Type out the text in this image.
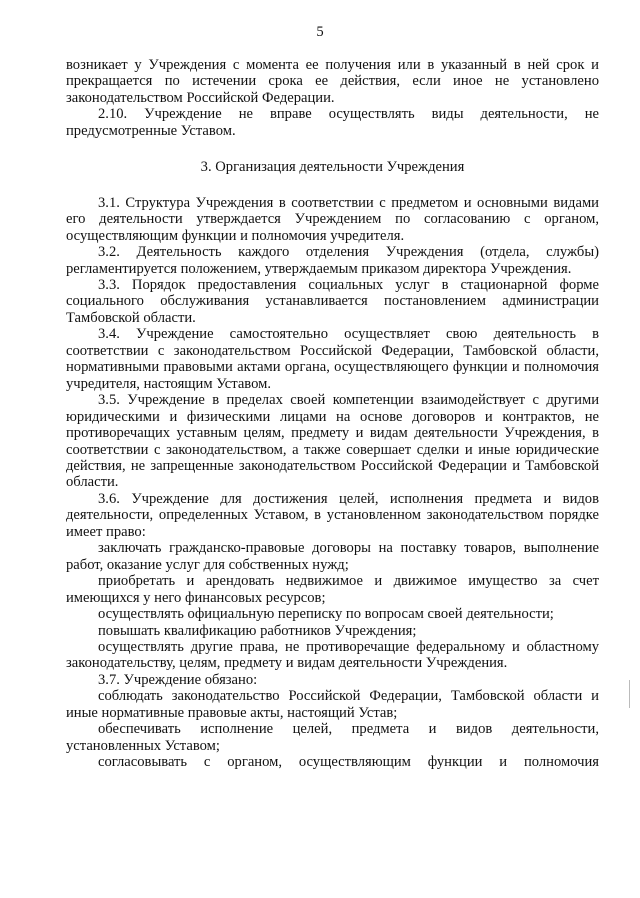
5

возникает у Учреждения с момента ее получения или в указанный в ней срок и прекращается по истечении срока ее действия, если иное не установлено законодательством Российской Федерации.

2.10. Учреждение не вправе осуществлять виды деятельности, не предусмотренные Уставом.

3. Организация деятельности Учреждения

3.1. Структура Учреждения в соответствии с предметом и основными видами его деятельности утверждается Учреждением по согласованию с органом, осуществляющим функции и полномочия учредителя.

3.2. Деятельность каждого отделения Учреждения (отдела, службы) регламентируется положением, утверждаемым приказом директора Учреждения.

3.3. Порядок предоставления социальных услуг в стационарной форме социального обслуживания устанавливается постановлением администрации Тамбовской области.

3.4. Учреждение самостоятельно осуществляет свою деятельность в соответствии с законодательством Российской Федерации, Тамбовской области, нормативными правовыми актами органа, осуществляющего функции и полномочия учредителя, настоящим Уставом.

3.5. Учреждение в пределах своей компетенции взаимодействует с другими юридическими и физическими лицами на основе договоров и контрактов, не противоречащих уставным целям, предмету и видам деятельности Учреждения, в соответствии с законодательством, а также совершает сделки и иные юридические действия, не запрещенные законодательством Российской Федерации и Тамбовской области.

3.6. Учреждение для достижения целей, исполнения предмета и видов деятельности, определенных Уставом, в установленном законодательством порядке имеет право:

заключать гражданско-правовые договоры на поставку товаров, выполнение работ, оказание услуг для собственных нужд;

приобретать и арендовать недвижимое и движимое имущество за счет имеющихся у него финансовых ресурсов;

осуществлять официальную переписку по вопросам своей деятельности;

повышать квалификацию работников Учреждения;

осуществлять другие права, не противоречащие федеральному и областному законодательству, целям, предмету и видам деятельности Учреждения.

3.7. Учреждение обязано:

соблюдать законодательство Российской Федерации, Тамбовской области и иные нормативные правовые акты, настоящий Устав;

обеспечивать исполнение целей, предмета и видов деятельности, установленных Уставом;

согласовывать с органом, осуществляющим функции и полномочия
